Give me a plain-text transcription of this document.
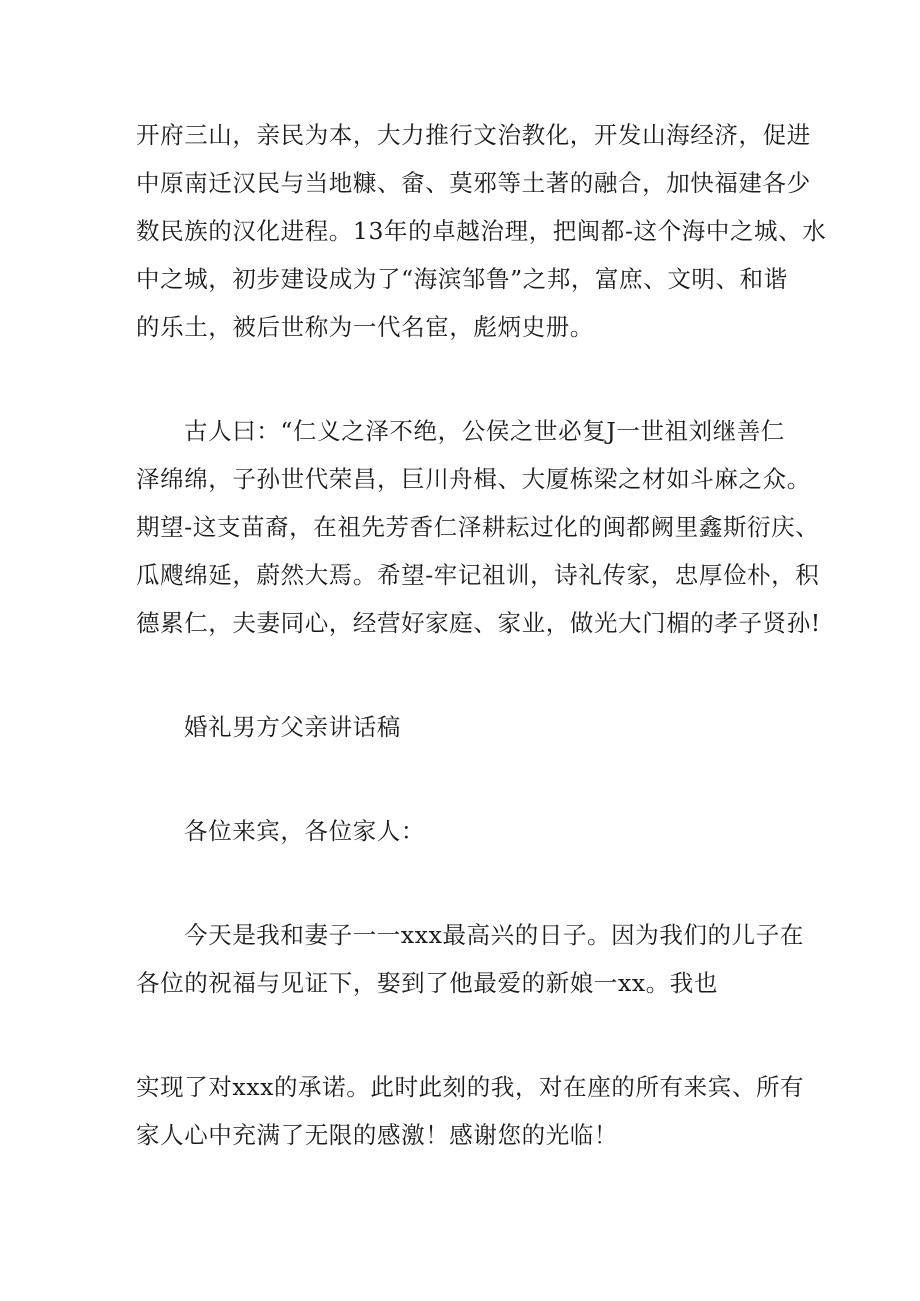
开府三山，亲民为本，大力推行文治教化，开发山海经济，促进
中原南迁汉民与当地糠、畲、莫邪等土著的融合，加快福建各少
数民族的汉化进程。13年的卓越治理，把闽都-这个海中之城、水
中之城，初步建设成为了“海滨邹鲁”之邦，富庶、文明、和谐
的乐土，被后世称为一代名宦，彪炳史册。
古人曰：“仁义之泽不绝，公侯之世必复J一世祖刘继善仁
泽绵绵，子孙世代荣昌，巨川舟楫、大厦栋梁之材如斗麻之众。
期望-这支苗裔，在祖先芳香仁泽耕耘过化的闽都阙里鑫斯衍庆、
瓜飕绵延，蔚然大焉。希望-牢记祖训，诗礼传家，忠厚俭朴，积
德累仁，夫妻同心，经营好家庭、家业，做光大门楣的孝子贤孙!
婚礼男方父亲讲话稿
各位来宾，各位家人：
今天是我和妻子一一xxx最高兴的日子。因为我们的儿子在
各位的祝福与见证下，娶到了他最爱的新娘一xx。我也
实现了对xxx的承诺。此时此刻的我，对在座的所有来宾、所有
家人心中充满了无限的感激！感谢您的光临！
